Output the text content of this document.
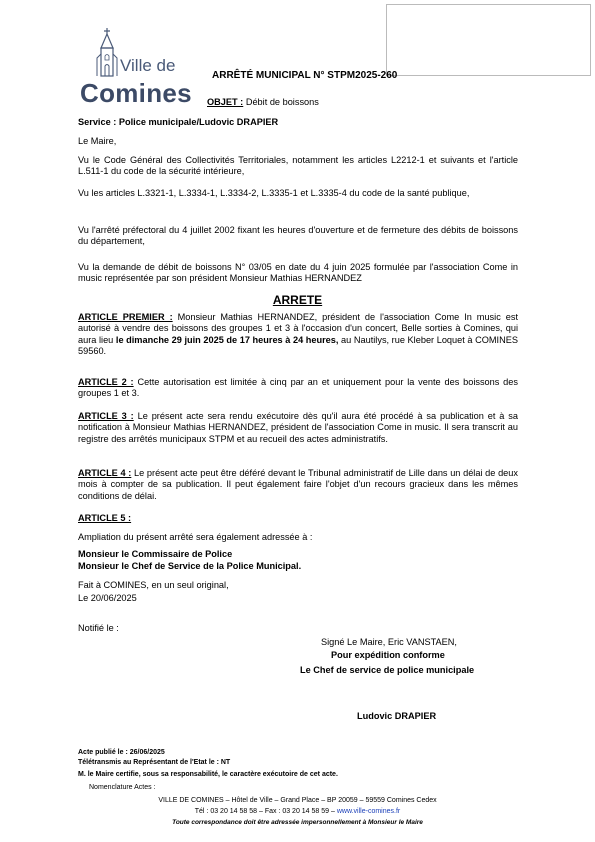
Ville de
Comines
ARRÊTÉ MUNICIPAL N° STPM2025-260
OBJET : Débit de boissons
Service : Police municipale/Ludovic DRAPIER
Le Maire,
Vu le Code Général des Collectivités Territoriales, notamment les articles L2212-1 et suivants et l'article L.511-1 du code de la sécurité intérieure,
Vu les articles L.3321-1, L.3334-1, L.3334-2, L.3335-1 et L.3335-4 du code de la santé publique,
Vu l'arrêté préfectoral du 4 juillet 2002 fixant les heures d'ouverture et de fermeture des débits de boissons du département,
Vu la demande de débit de boissons N° 03/05 en date du 4 juin 2025 formulée par l'association Come in music représentée par son président Monsieur Mathias HERNANDEZ
ARRETE
ARTICLE PREMIER : Monsieur Mathias HERNANDEZ, président de l'association Come In music est autorisé à vendre des boissons des groupes 1 et 3 à l'occasion d'un concert, Belle sorties à Comines, qui aura lieu le dimanche 29 juin 2025 de 17 heures à 24 heures, au Nautilys, rue Kleber Loquet à COMINES 59560.
ARTICLE 2 : Cette autorisation est limitée à cinq par an et uniquement pour la vente des boissons des groupes 1 et 3.
ARTICLE 3 : Le présent acte sera rendu exécutoire dès qu'il aura été procédé à sa publication et à sa notification à Monsieur Mathias HERNANDEZ, président de l'association Come in music. Il sera transcrit au registre des arrêtés municipaux STPM et au recueil des actes administratifs.
ARTICLE 4 : Le présent acte peut être déféré devant le Tribunal administratif de Lille dans un délai de deux mois à compter de sa publication. Il peut également faire l'objet d'un recours gracieux dans les mêmes conditions de délai.
ARTICLE 5 :
Ampliation du présent arrêté sera également adressée à :
Monsieur le Commissaire de Police
Monsieur le Chef de Service de la Police Municipal.
Fait à COMINES, en un seul original,
Le 20/06/2025
Notifié le :
Signé Le Maire, Eric VANSTAEN,
Pour expédition conforme
Le Chef de service de police municipale
Ludovic DRAPIER
Acte publié le : 26/06/2025
Télétransmis au Représentant de l'Etat le : NT
M. le Maire certifie, sous sa responsabilité, le caractère exécutoire de cet acte.
Nomenclature Actes :
VILLE DE COMINES – Hôtel de Ville – Grand Place – BP 20059 – 59559 Comines Cedex
Tél : 03 20 14 58 58 – Fax : 03 20 14 58 59 – www.ville-comines.fr
Toute correspondance doit être adressée impersonnellement à Monsieur le Maire
